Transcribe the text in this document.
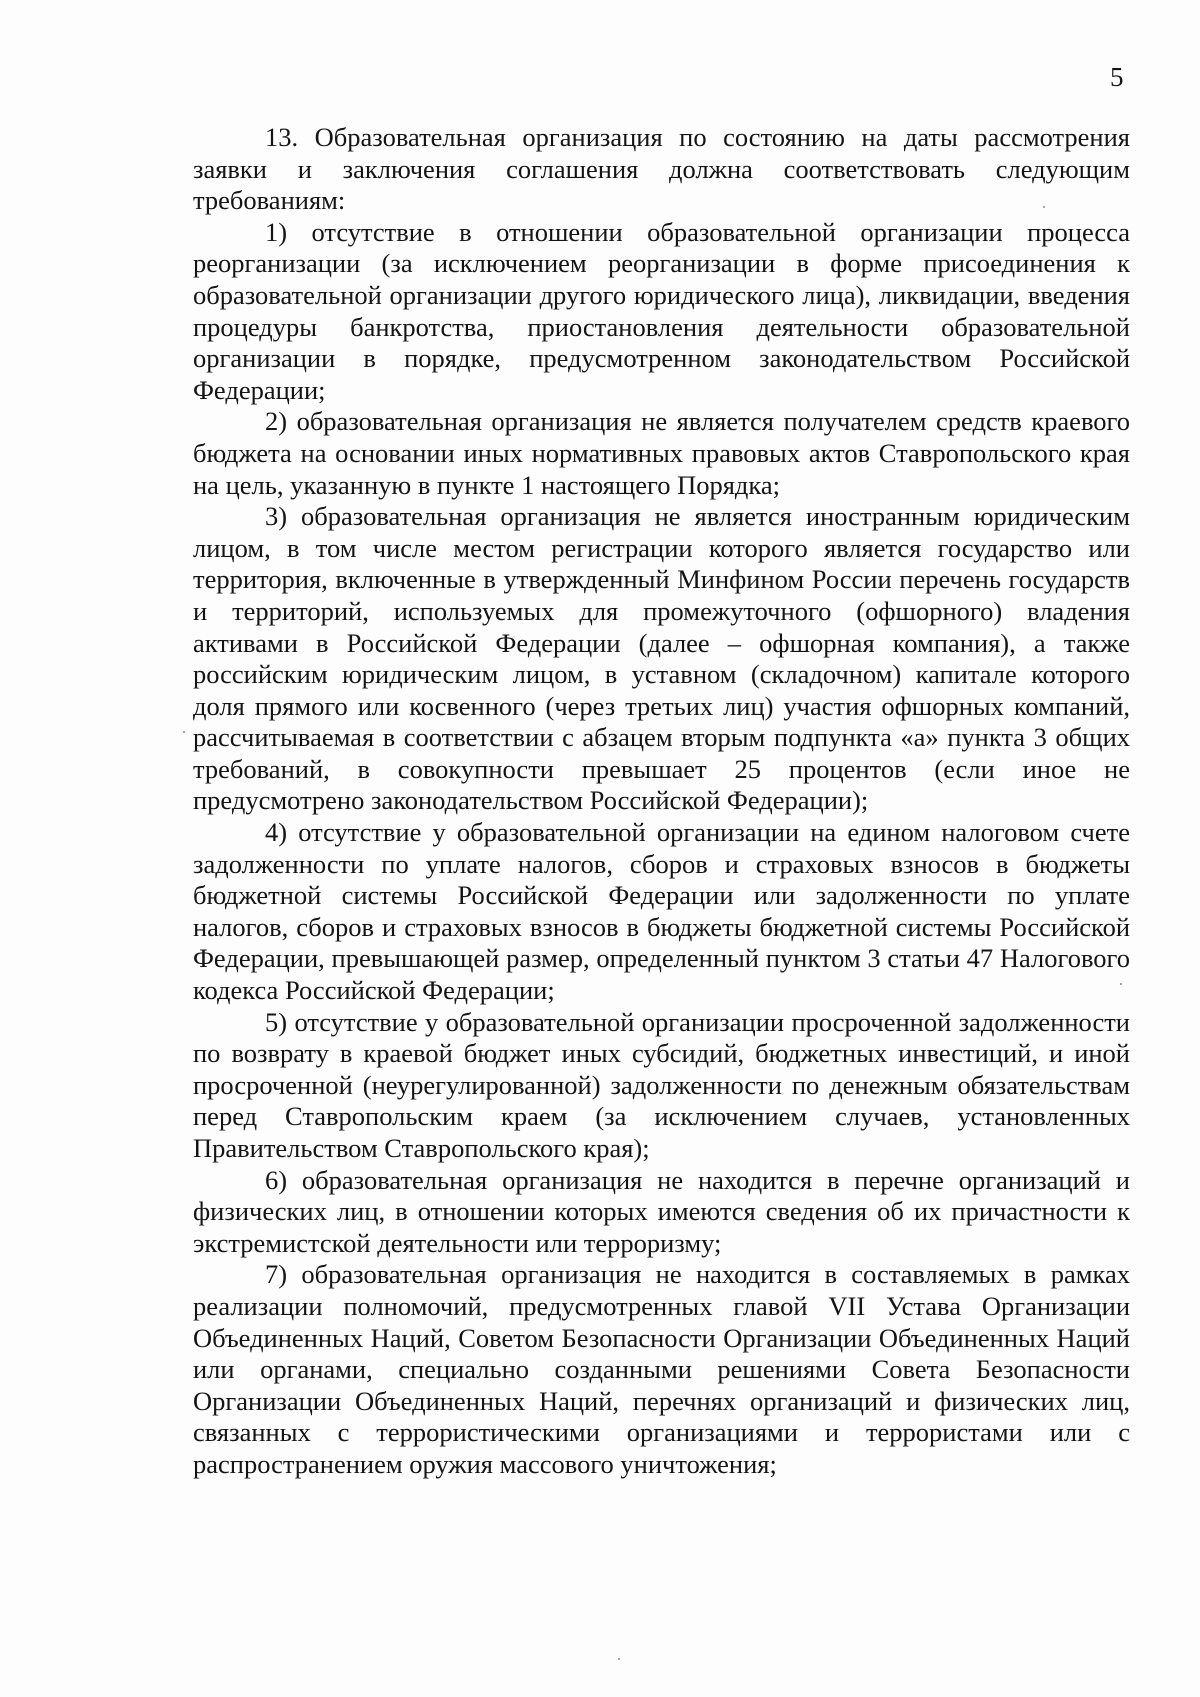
5

13. Образовательная организация по состоянию на даты рассмотрения заявки и заключения соглашения должна соответствовать следующим требованиям:

1) отсутствие в отношении образовательной организации процесса реорганизации (за исключением реорганизации в форме присоединения к образовательной организации другого юридического лица), ликвидации, введения процедуры банкротства, приостановления деятельности образовательной организации в порядке, предусмотренном законодательством Российской Федерации;

2) образовательная организация не является получателем средств краевого бюджета на основании иных нормативных правовых актов Ставропольского края на цель, указанную в пункте 1 настоящего Порядка;

3) образовательная организация не является иностранным юридическим лицом, в том числе местом регистрации которого является государство или территория, включенные в утвержденный Минфином России перечень государств и территорий, используемых для промежуточного (офшорного) владения активами в Российской Федерации (далее – офшорная компания), а также российским юридическим лицом, в уставном (складочном) капитале которого доля прямого или косвенного (через третьих лиц) участия офшорных компаний, рассчитываемая в соответствии с абзацем вторым подпункта «а» пункта 3 общих требований, в совокупности превышает 25 процентов (если иное не предусмотрено законодательством Российской Федерации);

4) отсутствие у образовательной организации на едином налоговом счете задолженности по уплате налогов, сборов и страховых взносов в бюджеты бюджетной системы Российской Федерации или задолженности по уплате налогов, сборов и страховых взносов в бюджеты бюджетной системы Российской Федерации, превышающей размер, определенный пунктом 3 статьи 47 Налогового кодекса Российской Федерации;

5) отсутствие у образовательной организации просроченной задолженности по возврату в краевой бюджет иных субсидий, бюджетных инвестиций, и иной просроченной (неурегулированной) задолженности по денежным обязательствам перед Ставропольским краем (за исключением случаев, установленных Правительством Ставропольского края);

6) образовательная организация не находится в перечне организаций и физических лиц, в отношении которых имеются сведения об их причастности к экстремистской деятельности или терроризму;

7) образовательная организация не находится в составляемых в рамках реализации полномочий, предусмотренных главой VII Устава Организации Объединенных Наций, Советом Безопасности Организации Объединенных Наций или органами, специально созданными решениями Совета Безопасности Организации Объединенных Наций, перечнях организаций и физических лиц, связанных с террористическими организациями и террористами или с распространением оружия массового уничтожения;
